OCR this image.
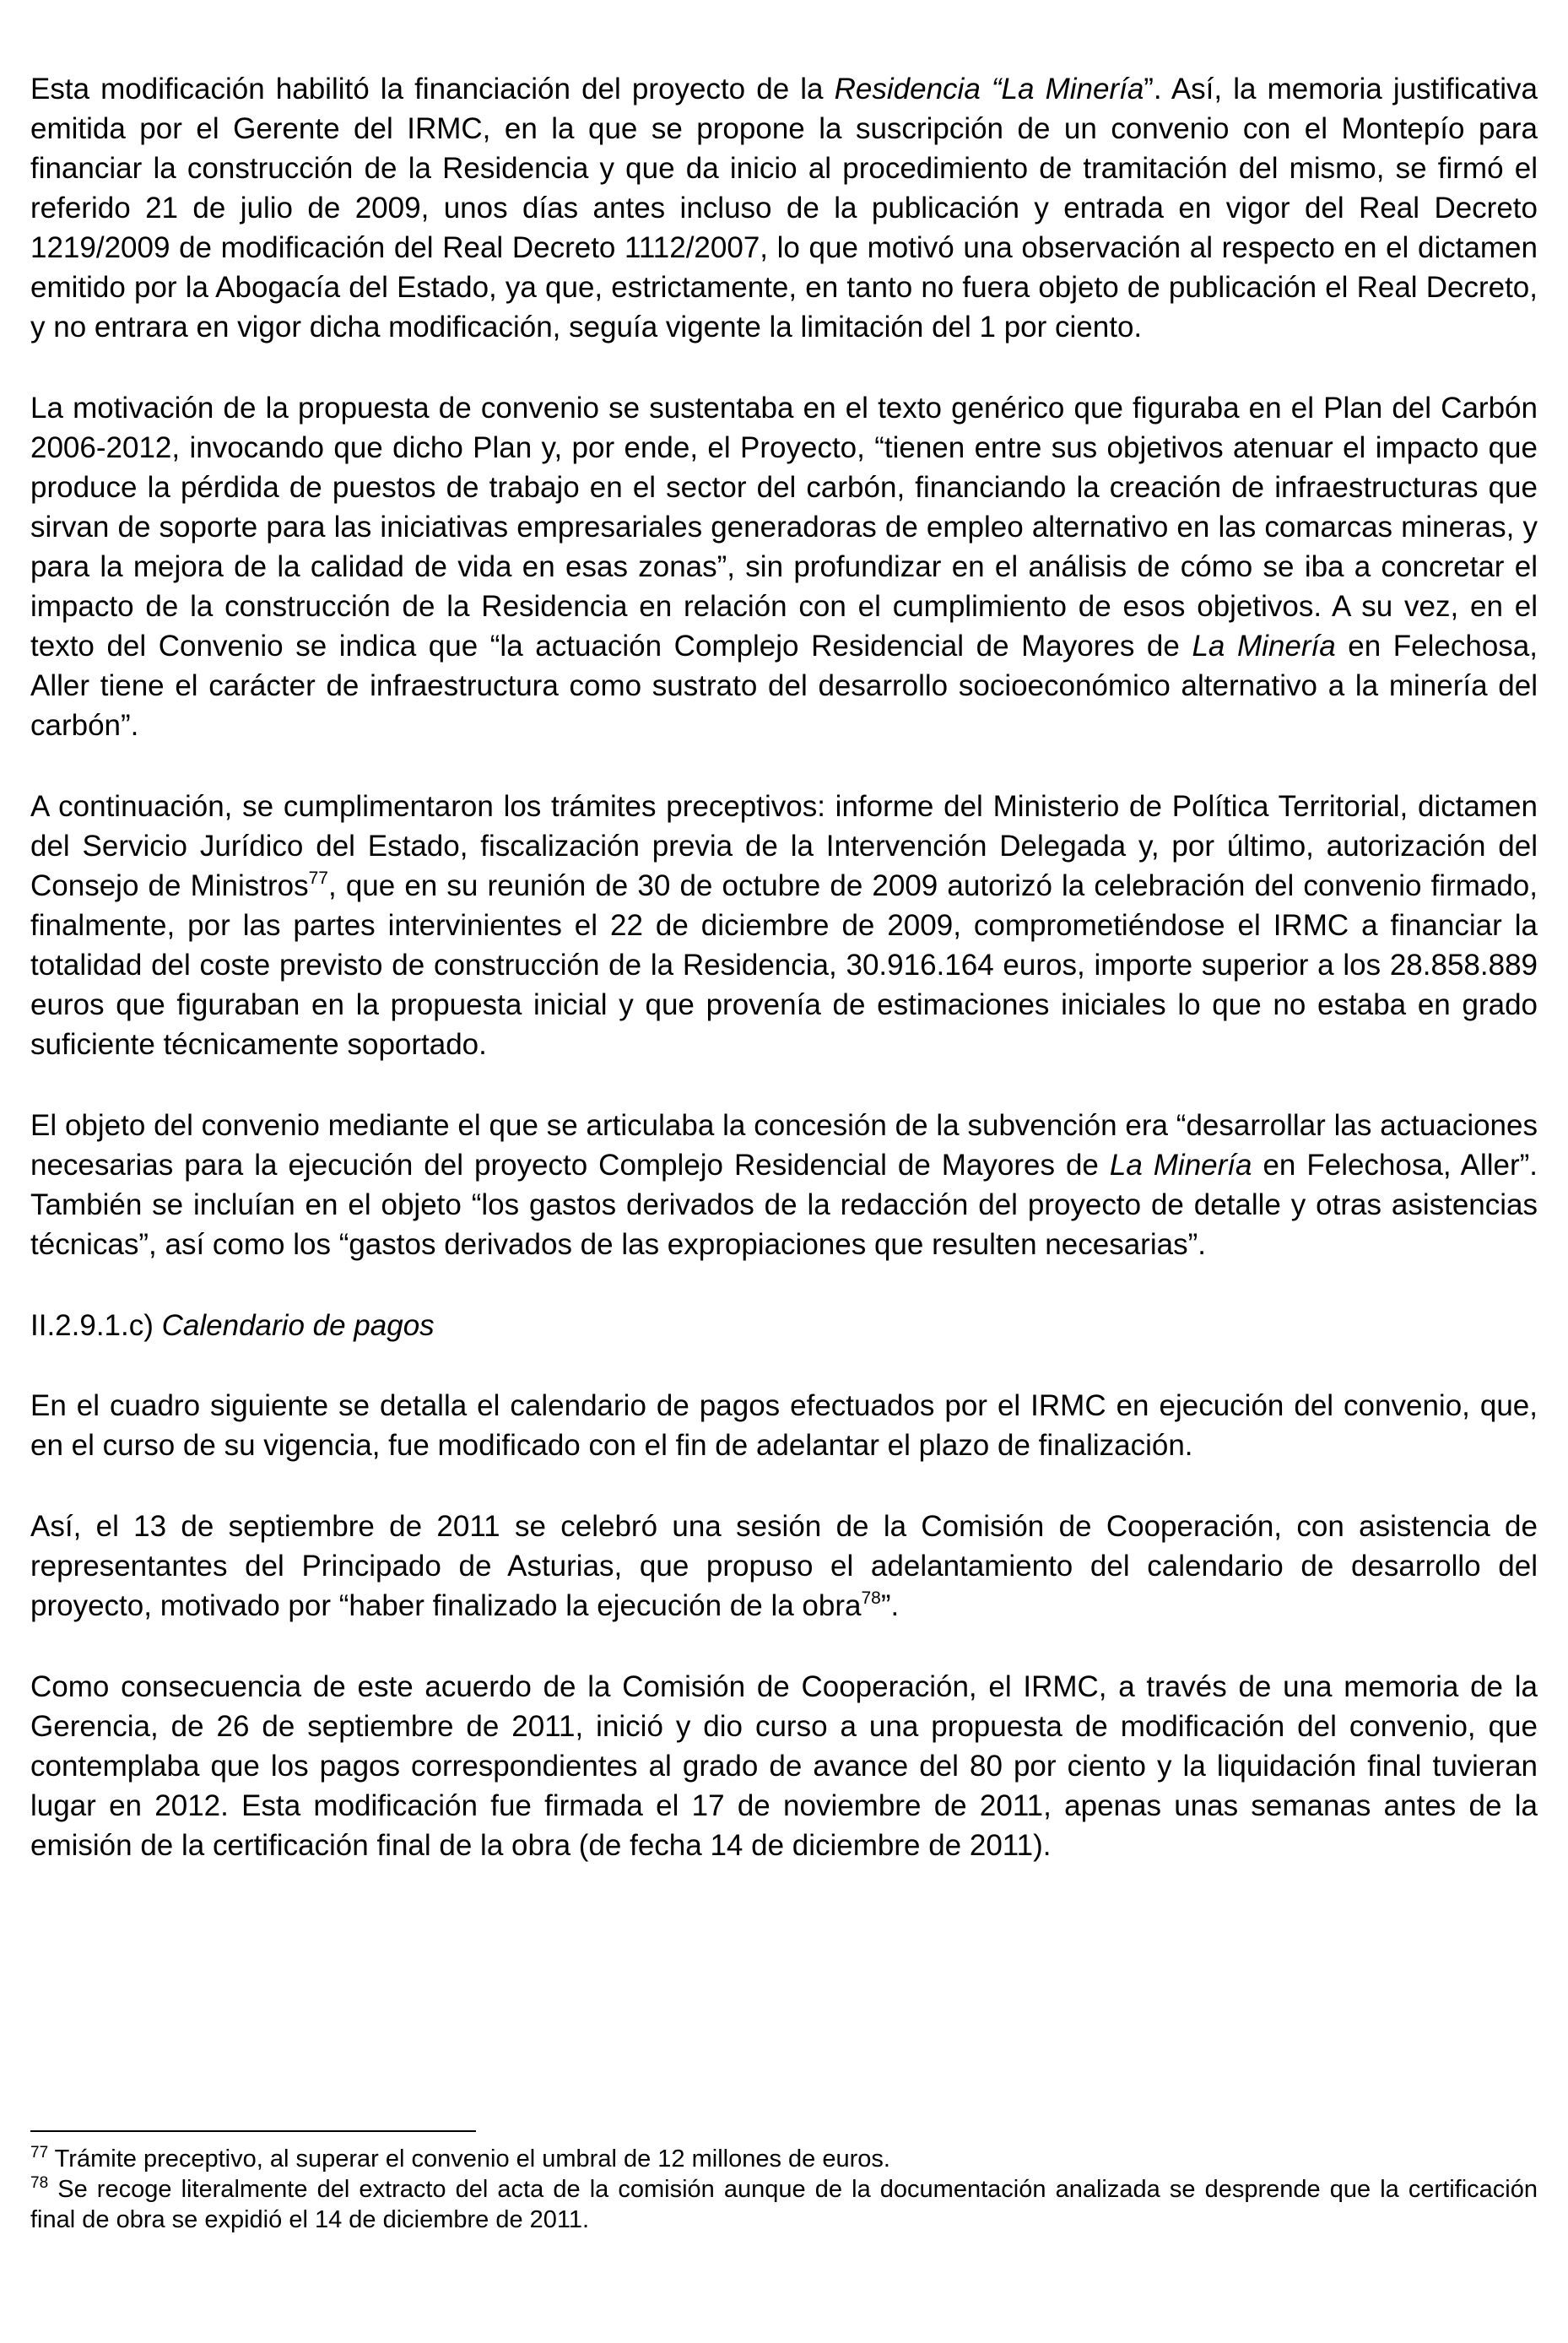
Esta modificación habilitó la financiación del proyecto de la Residencia “La Minería”. Así, la memoria justificativa emitida por el Gerente del IRMC, en la que se propone la suscripción de un convenio con el Montepío para financiar la construcción de la Residencia y que da inicio al procedimiento de tramitación del mismo, se firmó el referido 21 de julio de 2009, unos días antes incluso de la publicación y entrada en vigor del Real Decreto 1219/2009 de modificación del Real Decreto 1112/2007, lo que motivó una observación al respecto en el dictamen emitido por la Abogacía del Estado, ya que, estrictamente, en tanto no fuera objeto de publicación el Real Decreto, y no entrara en vigor dicha modificación, seguía vigente la limitación del 1 por ciento.

La motivación de la propuesta de convenio se sustentaba en el texto genérico que figuraba en el Plan del Carbón 2006-2012, invocando que dicho Plan y, por ende, el Proyecto, “tienen entre sus objetivos atenuar el impacto que produce la pérdida de puestos de trabajo en el sector del carbón, financiando la creación de infraestructuras que sirvan de soporte para las iniciativas empresariales generadoras de empleo alternativo en las comarcas mineras, y para la mejora de la calidad de vida en esas zonas”, sin profundizar en el análisis de cómo se iba a concretar el impacto de la construcción de la Residencia en relación con el cumplimiento de esos objetivos. A su vez, en el texto del Convenio se indica que “la actuación Complejo Residencial de Mayores de La Minería en Felechosa, Aller tiene el carácter de infraestructura como sustrato del desarrollo socioeconómico alternativo a la minería del carbón”.

A continuación, se cumplimentaron los trámites preceptivos: informe del Ministerio de Política Territorial, dictamen del Servicio Jurídico del Estado, fiscalización previa de la Intervención Delegada y, por último, autorización del Consejo de Ministros$^{77}$, que en su reunión de 30 de octubre de 2009 autorizó la celebración del convenio firmado, finalmente, por las partes intervinientes el 22 de diciembre de 2009, comprometiéndose el IRMC a financiar la totalidad del coste previsto de construcción de la Residencia, 30.916.164 euros, importe superior a los 28.858.889 euros que figuraban en la propuesta inicial y que provenía de estimaciones iniciales lo que no estaba en grado suficiente técnicamente soportado.

El objeto del convenio mediante el que se articulaba la concesión de la subvención era “desarrollar las actuaciones necesarias para la ejecución del proyecto Complejo Residencial de Mayores de La Minería en Felechosa, Aller”. También se incluían en el objeto “los gastos derivados de la redacción del proyecto de detalle y otras asistencias técnicas”, así como los “gastos derivados de las expropiaciones que resulten necesarias”.

II.2.9.1.c) Calendario de pagos

En el cuadro siguiente se detalla el calendario de pagos efectuados por el IRMC en ejecución del convenio, que, en el curso de su vigencia, fue modificado con el fin de adelantar el plazo de finalización.

Así, el 13 de septiembre de 2011 se celebró una sesión de la Comisión de Cooperación, con asistencia de representantes del Principado de Asturias, que propuso el adelantamiento del calendario de desarrollo del proyecto, motivado por “haber finalizado la ejecución de la obra$^{78}$”.

Como consecuencia de este acuerdo de la Comisión de Cooperación, el IRMC, a través de una memoria de la Gerencia, de 26 de septiembre de 2011, inició y dio curso a una propuesta de modificación del convenio, que contemplaba que los pagos correspondientes al grado de avance del 80 por ciento y la liquidación final tuvieran lugar en 2012. Esta modificación fue firmada el 17 de noviembre de 2011, apenas unas semanas antes de la emisión de la certificación final de la obra (de fecha 14 de diciembre de 2011).

$^{77}$ Trámite preceptivo, al superar el convenio el umbral de 12 millones de euros.

$^{78}$ Se recoge literalmente del extracto del acta de la comisión aunque de la documentación analizada se desprende que la certificación final de obra se expidió el 14 de diciembre de 2011.
